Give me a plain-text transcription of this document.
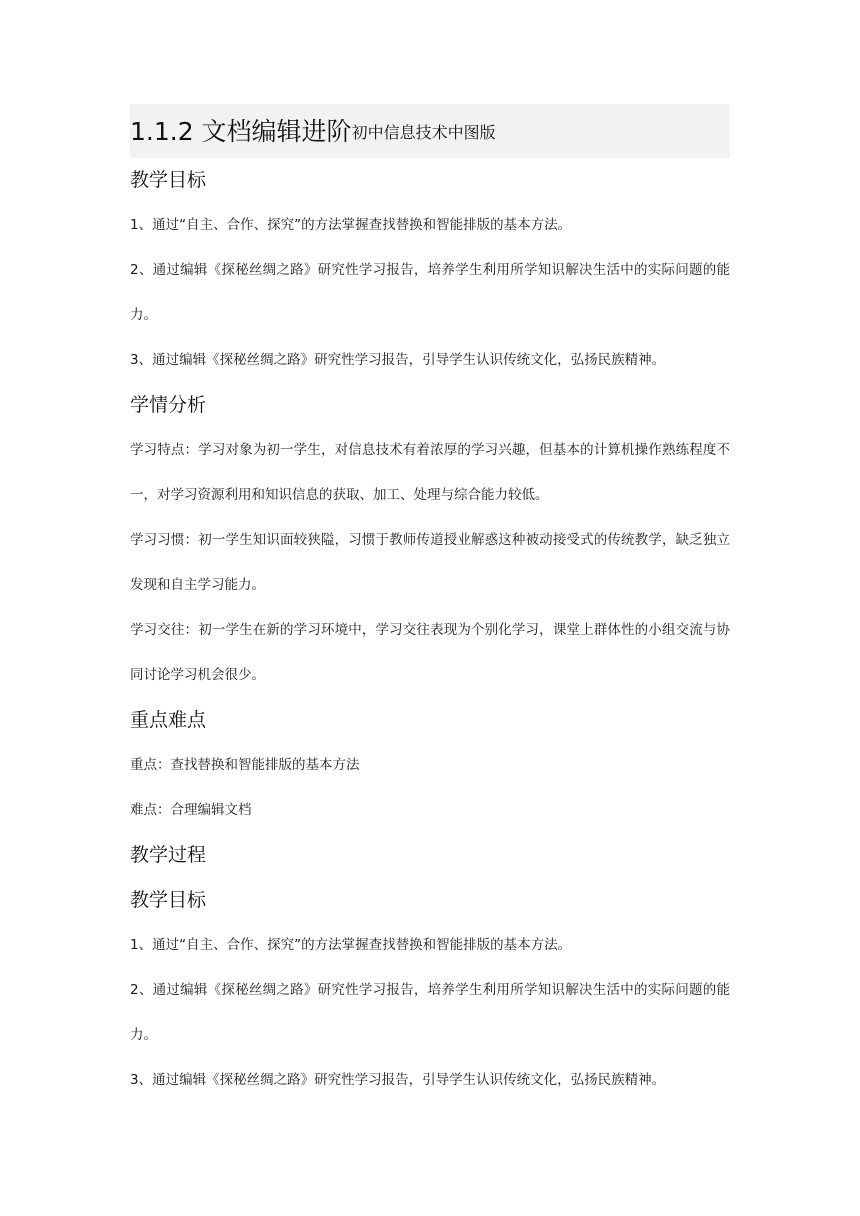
1.1.2 文档编辑进阶 初中信息技术中图版
教学目标
1、通过“自主、合作、探究”的方法掌握查找替换和智能排版的基本方法。
2、通过编辑《探秘丝绸之路》研究性学习报告，培养学生利用所学知识解决生活中的实际问题的能力。
3、通过编辑《探秘丝绸之路》研究性学习报告，引导学生认识传统文化，弘扬民族精神。
学情分析
学习特点：学习对象为初一学生，对信息技术有着浓厚的学习兴趣，但基本的计算机操作熟练程度不一，对学习资源利用和知识信息的获取、加工、处理与综合能力较低。
学习习惯：初一学生知识面较狭隘，习惯于教师传道授业解惑这种被动接受式的传统教学，缺乏独立发现和自主学习能力。
学习交往：初一学生在新的学习环境中，学习交往表现为个别化学习，课堂上群体性的小组交流与协同讨论学习机会很少。
重点难点
重点：查找替换和智能排版的基本方法
难点：合理编辑文档
教学过程
教学目标
1、通过“自主、合作、探究”的方法掌握查找替换和智能排版的基本方法。
2、通过编辑《探秘丝绸之路》研究性学习报告，培养学生利用所学知识解决生活中的实际问题的能力。
3、通过编辑《探秘丝绸之路》研究性学习报告，引导学生认识传统文化，弘扬民族精神。
